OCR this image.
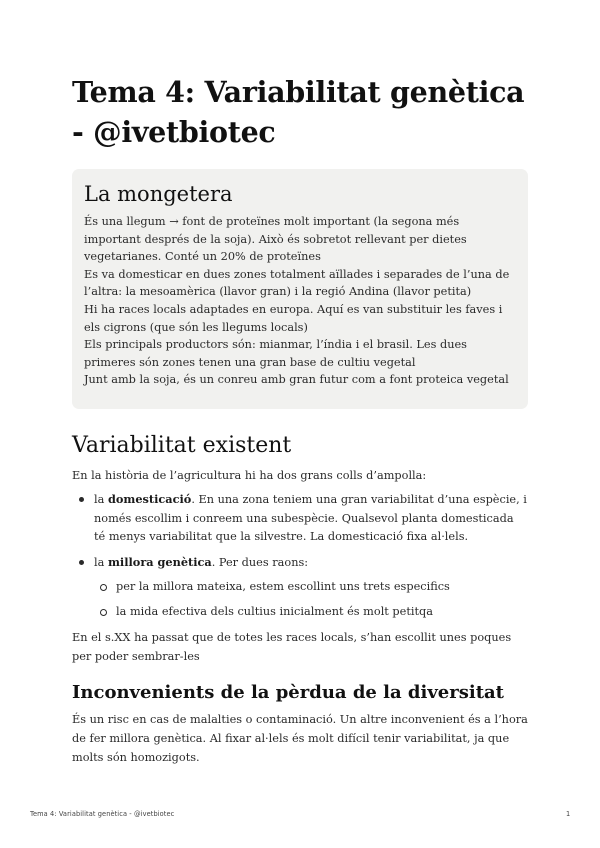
Tema 4: Variabilitat genètica - @ivetbiotec
La mongetera

És una llegum → font de proteïnes molt important (la segona més important després de la soja). Això és sobretot rellevant per dietes vegetarianes. Conté un 20% de proteïnes

Es va domesticar en dues zones totalment aïllades i separades de l’una de l’altra: la mesoamèrica (llavor gran) i la regió Andina (llavor petita)

Hi ha races locals adaptades en europa. Aquí es van substituir les faves i els cigrons (que són les llegums locals)

Els principals productors són: mianmar, l’índia i el brasil. Les dues primeres són zones tenen una gran base de cultiu vegetal

Junt amb la soja, és un conreu amb gran futur com a font proteica vegetal

Variabilitat existent

En la història de l’agricultura hi ha dos grans colls d’ampolla:

la domesticació. En una zona teniem una gran variabilitat d’una espècie, i només escollim i conreem una subespècie. Qualsevol planta domesticada té menys variabilitat que la silvestre. La domesticació fixa al·lels.
la millora genètica. Per dues raons:
per la millora mateixa, estem escollint uns trets especifics
la mida efectiva dels cultius inicialment és molt petitqa

En el s.XX ha passat que de totes les races locals, s’han escollit unes poques per poder sembrar-les

Inconvenients de la pèrdua de la diversitat

És un risc en cas de malalties o contaminació. Un altre inconvenient és a l’hora de fer millora genètica. Al fixar al·lels és molt difícil tenir variabilitat, ja que molts són homozigots.

Tema 4: Variabilitat genètica - @ivetbiotec	1
